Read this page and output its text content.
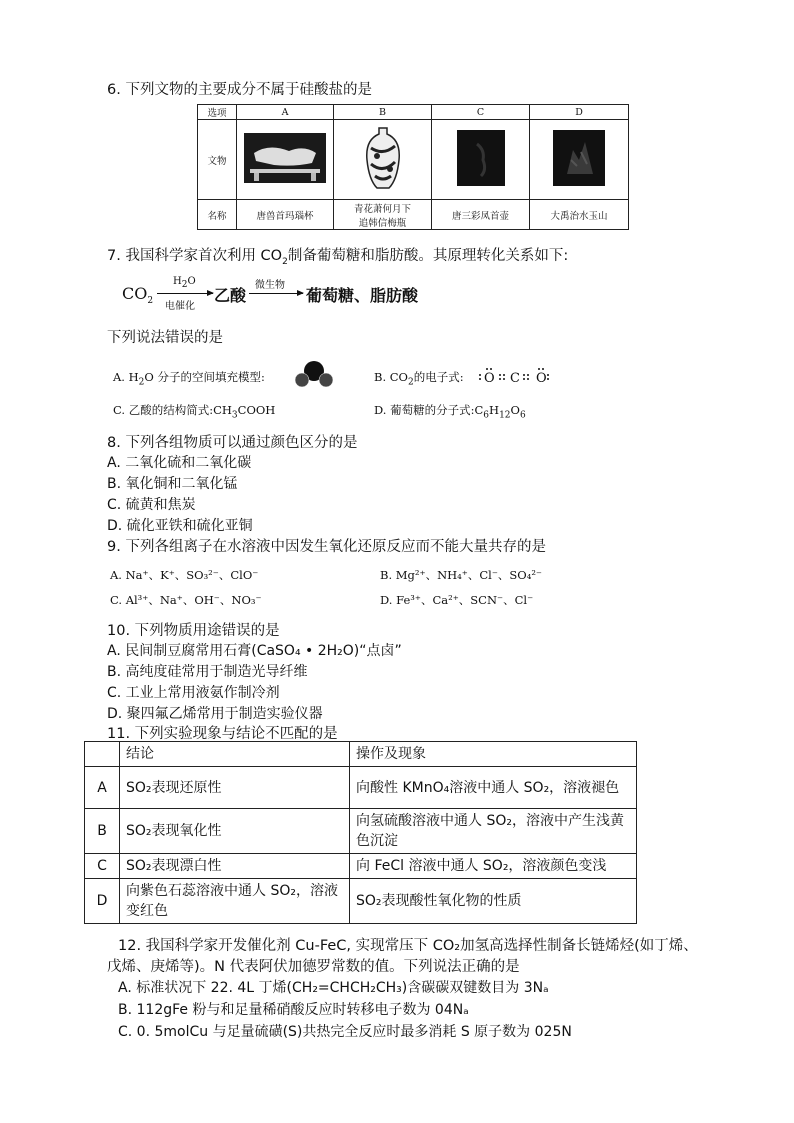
6. 下列文物的主要成分不属于硅酸盐的是
选项	A	B	C	D
文物				
名称	唐兽首玛瑙杯	青花萧何月下
追韩信梅瓶	唐三彩凤首壶	大禹治水玉山
7. 我国科学家首次利用 $CO_2$制备葡萄糖和脂肪酸。其原理转化关系如下:
$CO_2$
$H_2O$
电催化
乙酸
微生物
葡萄糖、脂肪酸
下列说法错误的是
A. $H_2O$ 分子的空间填充模型:	B. $CO_2$的电子式: O C O
C. 乙酸的结构简式$:CH_3COOH$	D. 葡萄糖的分子式$:C_6H_{12}O_6$
8. 下列各组物质可以通过颜色区分的是
A. 二氧化硫和二氧化碳
B. 氧化铜和二氧化锰
C. 硫黄和焦炭
D. 硫化亚铁和硫化亚铜
9. 下列各组离子在水溶液中因发生氧化还原反应而不能大量共存的是
A. Na⁺、K⁺、SO₃²⁻、ClO⁻	B. Mg²⁺、NH₄⁺、Cl⁻、SO₄²⁻
C. Al³⁺、Na⁺、OH⁻、NO₃⁻	D. Fe³⁺、Ca²⁺、SCN⁻、Cl⁻
10. 下列物质用途错误的是
A. 民间制豆腐常用石膏(CaSO₄ • 2H₂O)“点卤”
B. 高纯度硅常用于制造光导纤维
C. 工业上常用液氨作制冷剂
D. 聚四氟乙烯常用于制造实验仪器
11. 下列实验现象与结论不匹配的是
	结论	操作及现象
A	SO₂表现还原性	向酸性 KMnO₄溶液中通人 SO₂，溶液褪色
B	SO₂表现氧化性	向氢硫酸溶液中通人 SO₂，溶液中产生浅黄色沉淀
C	SO₂表现漂白性	向 FeCl 溶液中通人 SO₂，溶液颜色变浅
D	向紫色石蕊溶液中通人 SO₂，溶液变红色	SO₂表现酸性氧化物的性质
12. 我国科学家开发催化剂 Cu-FeC, 实现常压下 CO₂加氢高选择性制备长链烯烃(如丁烯、
戊烯、庚烯等)。N 代表阿伏加德罗常数的值。下列说法正确的是
A. 标准状况下 22. 4L 丁烯(CH₂=CHCH₂CH₃)含碳碳双键数目为 3Nₐ
B. 112gFe 粉与和足量稀硝酸反应时转移电子数为 04Nₐ
C. 0. 5molCu 与足量硫磺(S)共热完全反应时最多消耗 S 原子数为 025N
